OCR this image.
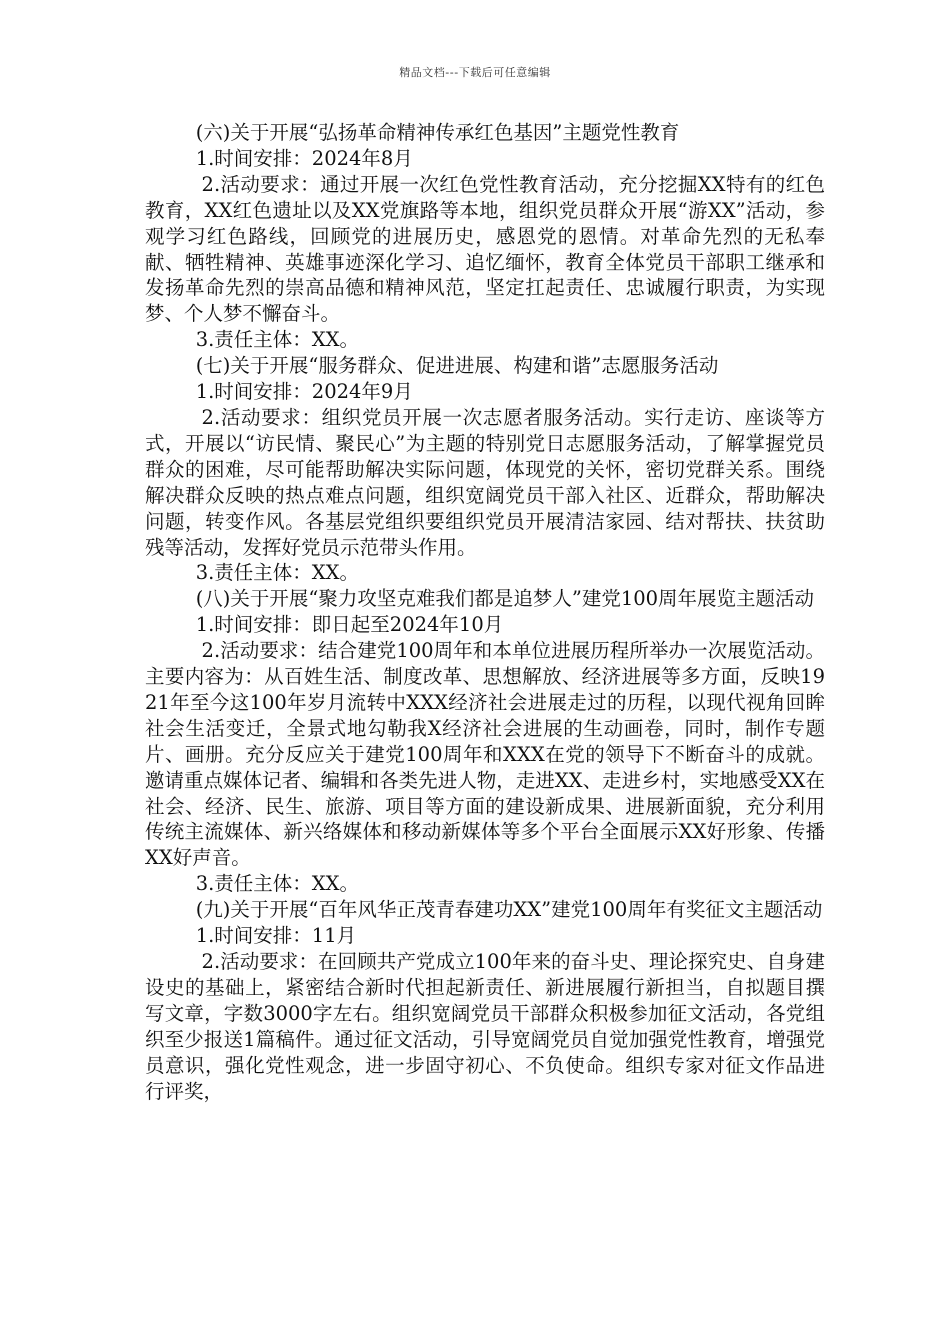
精品文档---下载后可任意编辑

(六)关于开展“弘扬革命精神传承红色基因”主题党性教育

1.时间安排：2024年8月

2.活动要求：通过开展一次红色党性教育活动，充分挖掘XX特有的红色教育，XX红色遗址以及XX党旗路等本地，组织党员群众开展“游XX”活动，参观学习红色路线，回顾党的进展历史，感恩党的恩情。对革命先烈的无私奉献、牺牲精神、英雄事迹深化学习、追忆缅怀，教育全体党员干部职工继承和发扬革命先烈的崇高品德和精神风范，坚定扛起责任、忠诚履行职责，为实现梦、个人梦不懈奋斗。

3.责任主体：XX。

(七)关于开展“服务群众、促进进展、构建和谐”志愿服务活动

1.时间安排：2024年9月

2.活动要求：组织党员开展一次志愿者服务活动。实行走访、座谈等方式，开展以“访民情、聚民心”为主题的特别党日志愿服务活动，了解掌握党员群众的困难，尽可能帮助解决实际问题，体现党的关怀，密切党群关系。围绕解决群众反映的热点难点问题，组织宽阔党员干部入社区、近群众，帮助解决问题，转变作风。各基层党组织要组织党员开展清洁家园、结对帮扶、扶贫助残等活动，发挥好党员示范带头作用。

3.责任主体：XX。

(八)关于开展“聚力攻坚克难我们都是追梦人”建党100周年展览主题活动

1.时间安排：即日起至2024年10月

2.活动要求：结合建党100周年和本单位进展历程所举办一次展览活动。主要内容为：从百姓生活、制度改革、思想解放、经济进展等多方面，反映1921年至今这100年岁月流转中XXX经济社会进展走过的历程，以现代视角回眸社会生活变迁，全景式地勾勒我X经济社会进展的生动画卷，同时，制作专题片、画册。充分反应关于建党100周年和XXX在党的领导下不断奋斗的成就。邀请重点媒体记者、编辑和各类先进人物，走进XX、走进乡村，实地感受XX在社会、经济、民生、旅游、项目等方面的建设新成果、进展新面貌，充分利用传统主流媒体、新兴络媒体和移动新媒体等多个平台全面展示XX好形象、传播XX好声音。

3.责任主体：XX。

(九)关于开展“百年风华正茂青春建功XX”建党100周年有奖征文主题活动

1.时间安排：11月

2.活动要求：在回顾共产党成立100年来的奋斗史、理论探究史、自身建设史的基础上，紧密结合新时代担起新责任、新进展履行新担当，自拟题目撰写文章，字数3000字左右。组织宽阔党员干部群众积极参加征文活动，各党组织至少报送1篇稿件。通过征文活动，引导宽阔党员自觉加强党性教育，增强党员意识，强化党性观念，进一步固守初心、不负使命。组织专家对征文作品进行评奖，
